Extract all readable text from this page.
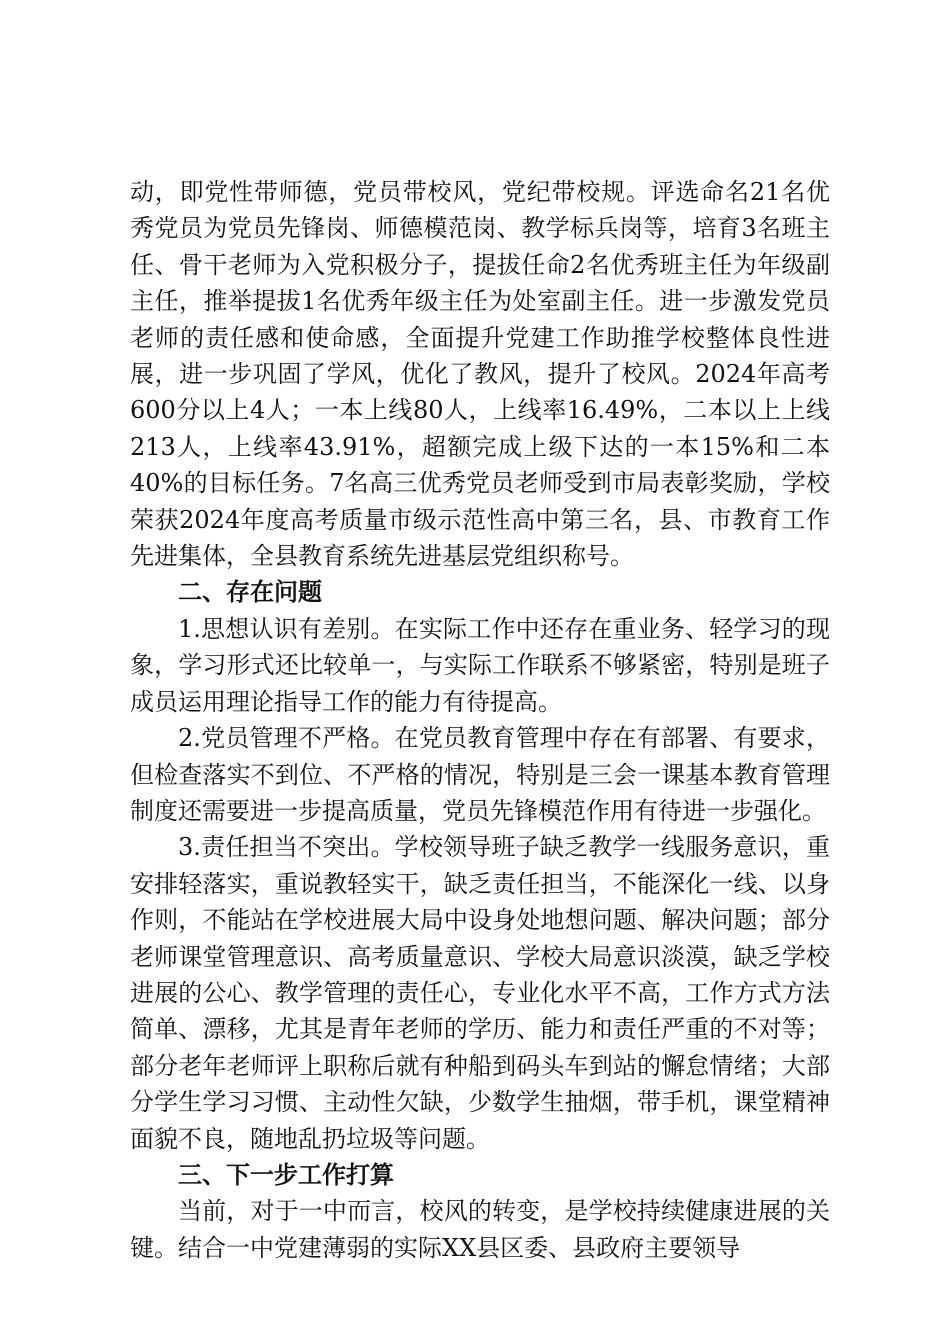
动，即党性带师德，党员带校风，党纪带校规。评选命名21名优秀党员为党员先锋岗、师德模范岗、教学标兵岗等，培育3名班主任、骨干老师为入党积极分子，提拔任命2名优秀班主任为年级副主任，推举提拔1名优秀年级主任为处室副主任。进一步激发党员老师的责任感和使命感，全面提升党建工作助推学校整体良性进展，进一步巩固了学风，优化了教风，提升了校风。2024年高考600分以上4人；一本上线80人，上线率16.49%，二本以上上线213人，上线率43.91%，超额完成上级下达的一本15%和二本40%的目标任务。7名高三优秀党员老师受到市局表彰奖励，学校荣获2024年度高考质量市级示范性高中第三名，县、市教育工作先进集体，全县教育系统先进基层党组织称号。

二、存在问题

1.思想认识有差别。在实际工作中还存在重业务、轻学习的现象，学习形式还比较单一，与实际工作联系不够紧密，特别是班子成员运用理论指导工作的能力有待提高。

2.党员管理不严格。在党员教育管理中存在有部署、有要求，但检查落实不到位、不严格的情况，特别是三会一课基本教育管理制度还需要进一步提高质量，党员先锋模范作用有待进一步强化。

3.责任担当不突出。学校领导班子缺乏教学一线服务意识，重安排轻落实，重说教轻实干，缺乏责任担当，不能深化一线、以身作则，不能站在学校进展大局中设身处地想问题、解决问题；部分老师课堂管理意识、高考质量意识、学校大局意识淡漠，缺乏学校进展的公心、教学管理的责任心，专业化水平不高，工作方式方法简单、漂移，尤其是青年老师的学历、能力和责任严重的不对等；部分老年老师评上职称后就有种船到码头车到站的懈怠情绪；大部分学生学习习惯、主动性欠缺，少数学生抽烟，带手机，课堂精神面貌不良，随地乱扔垃圾等问题。

三、下一步工作打算

当前，对于一中而言，校风的转变，是学校持续健康进展的关键。结合一中党建薄弱的实际XX县区委、县政府主要领导
